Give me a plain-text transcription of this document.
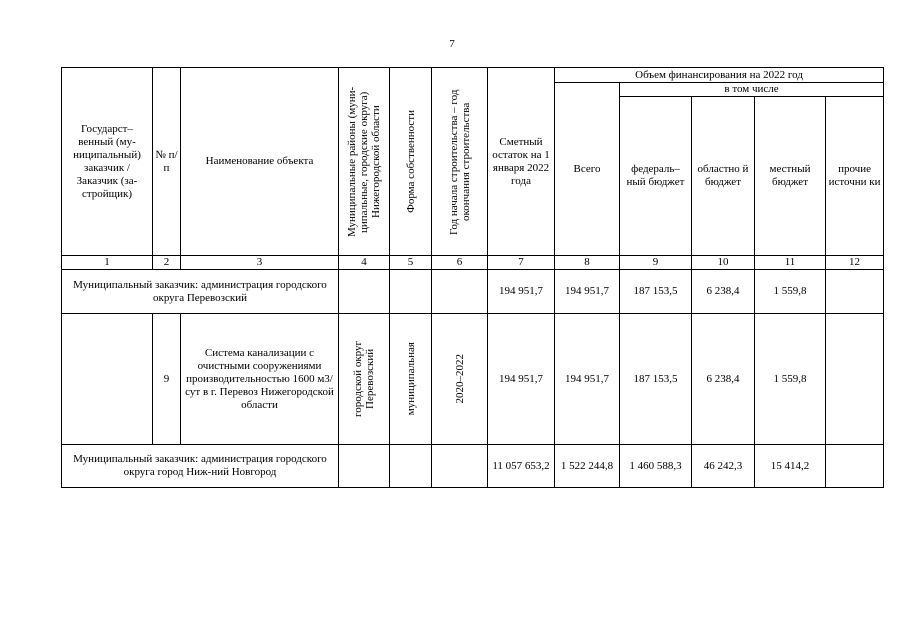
7
Государст–венный (му-ниципальный) заказчик / Заказчик (за-стройщик)	№ п/п	Наименование объекта	Муниципальные районы (муни-ципальные, городские округа) Нижегородской области	Форма собственности	Год начала строительства – год окончания строительства	Сметный остаток на 1 января 2022 года	Объем финансирования на 2022 год				
							Всего	в том числе			
								федераль–ный бюджет	областно й бюджет	местный бюджет	прочие источни ки
1	2	3	4	5	6	7	8	9	10	11	12
Муниципальный заказчик: администрация городского округа Перевозский						194 951,7	194 951,7	187 153,5	6 238,4	1 559,8	
	9	Система канализации с очистными сооружениями производительностью 1600 м3/сут в г. Перевоз Нижегородской области	городской округ Перевозский	муниципальная	2020–2022	194 951,7	194 951,7	187 153,5	6 238,4	1 559,8	
Муниципальный заказчик: администрация городского округа город Ниж-ний Новгород						11 057 653,2	1 522 244,8	1 460 588,3	46 242,3	15 414,2	
